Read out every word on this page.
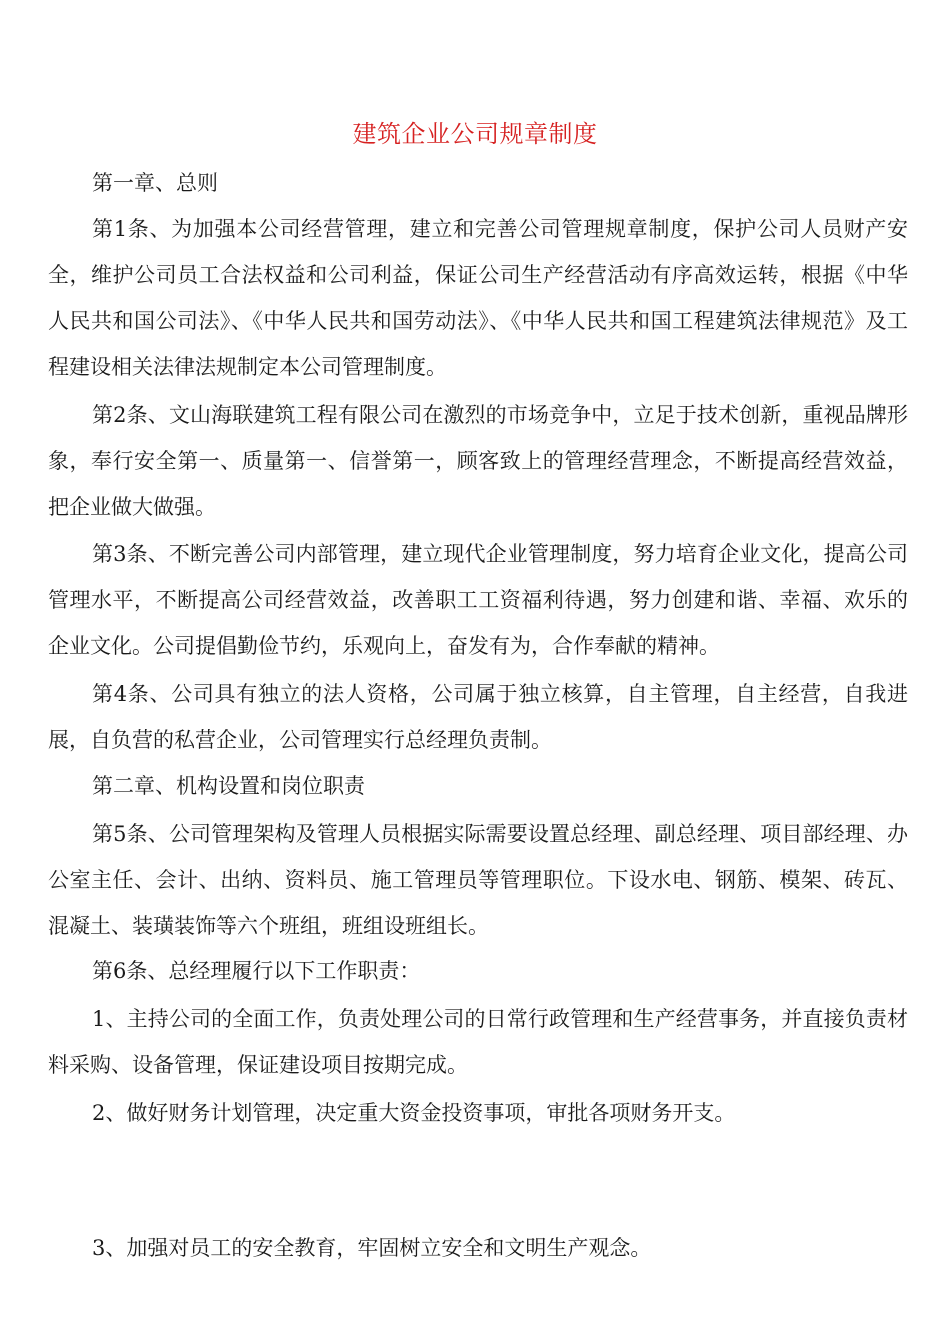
建筑企业公司规章制度
第一章、总则
第1条、为加强本公司经营管理，建立和完善公司管理规章制度，保护公司人员财产安全，维护公司员工合法权益和公司利益，保证公司生产经营活动有序高效运转，根据《中华人民共和国公司法》、《中华人民共和国劳动法》、《中华人民共和国工程建筑法律规范》及工程建设相关法律法规制定本公司管理制度。
第2条、文山海联建筑工程有限公司在激烈的市场竞争中，立足于技术创新，重视品牌形象，奉行安全第一、质量第一、信誉第一，顾客致上的管理经营理念，不断提高经营效益，把企业做大做强。
第3条、不断完善公司内部管理，建立现代企业管理制度，努力培育企业文化，提高公司管理水平，不断提高公司经营效益，改善职工工资福利待遇，努力创建和谐、幸福、欢乐的企业文化。公司提倡勤俭节约，乐观向上，奋发有为，合作奉献的精神。
第4条、公司具有独立的法人资格，公司属于独立核算，自主管理，自主经营，自我进展，自负营的私营企业，公司管理实行总经理负责制。
第二章、机构设置和岗位职责
第5条、公司管理架构及管理人员根据实际需要设置总经理、副总经理、项目部经理、办公室主任、会计、出纳、资料员、施工管理员等管理职位。下设水电、钢筋、模架、砖瓦、混凝土、装璜装饰等六个班组，班组设班组长。
第6条、总经理履行以下工作职责：
1、主持公司的全面工作，负责处理公司的日常行政管理和生产经营事务，并直接负责材料采购、设备管理，保证建设项目按期完成。
2、做好财务计划管理，决定重大资金投资事项，审批各项财务开支。
3、加强对员工的安全教育，牢固树立安全和文明生产观念。
